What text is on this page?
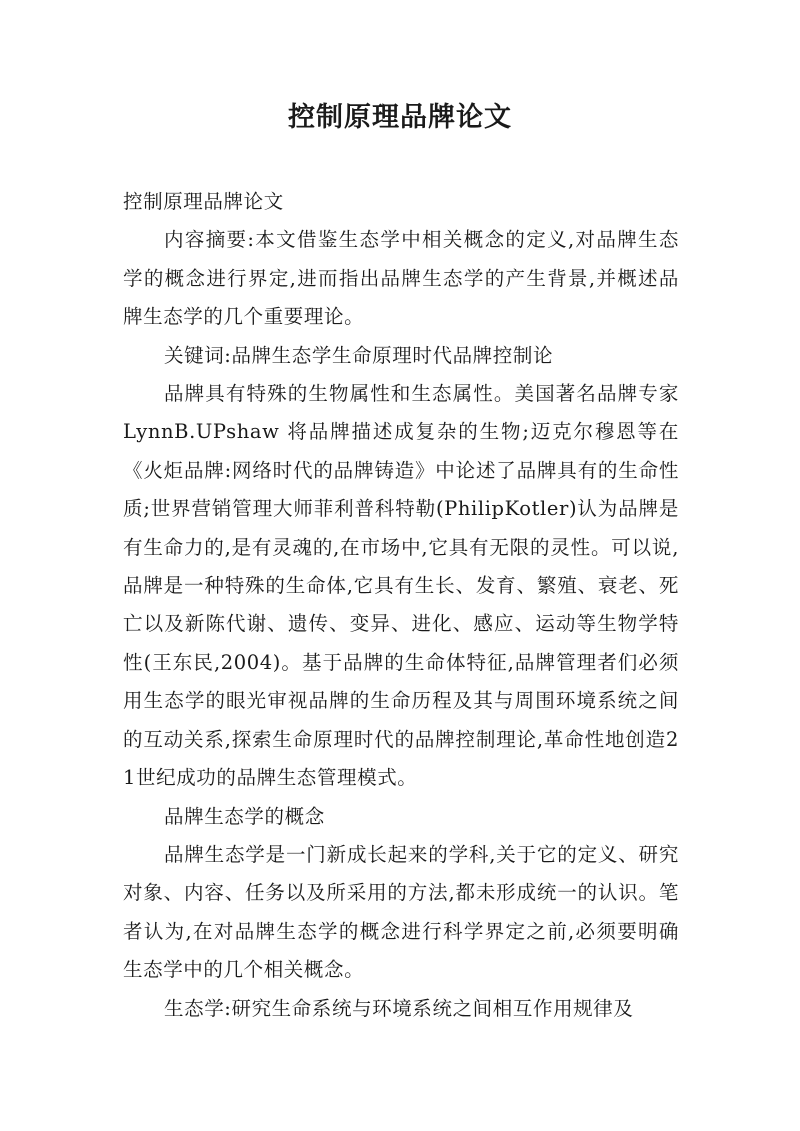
控制原理品牌论文

控制原理品牌论文

内容摘要:本文借鉴生态学中相关概念的定义,对品牌生态学的概念进行界定,进而指出品牌生态学的产生背景,并概述品牌生态学的几个重要理论。

关键词:品牌生态学生命原理时代品牌控制论

品牌具有特殊的生物属性和生态属性。美国著名品牌专家 LynnB.UPshaw 将品牌描述成复杂的生物;迈克尔穆恩等在《火炬品牌:网络时代的品牌铸造》中论述了品牌具有的生命性质;世界营销管理大师菲利普科特勒(PhilipKotler)认为品牌是有生命力的,是有灵魂的,在市场中,它具有无限的灵性。可以说,品牌是一种特殊的生命体,它具有生长、发育、繁殖、衰老、死亡以及新陈代谢、遗传、变异、进化、感应、运动等生物学特性(王东民,2004)。基于品牌的生命体特征,品牌管理者们必须用生态学的眼光审视品牌的生命历程及其与周围环境系统之间的互动关系,探索生命原理时代的品牌控制理论,革命性地创造21世纪成功的品牌生态管理模式。

品牌生态学的概念

品牌生态学是一门新成长起来的学科,关于它的定义、研究对象、内容、任务以及所采用的方法,都未形成统一的认识。笔者认为,在对品牌生态学的概念进行科学界定之前,必须要明确生态学中的几个相关概念。

生态学:研究生命系统与环境系统之间相互作用规律及
